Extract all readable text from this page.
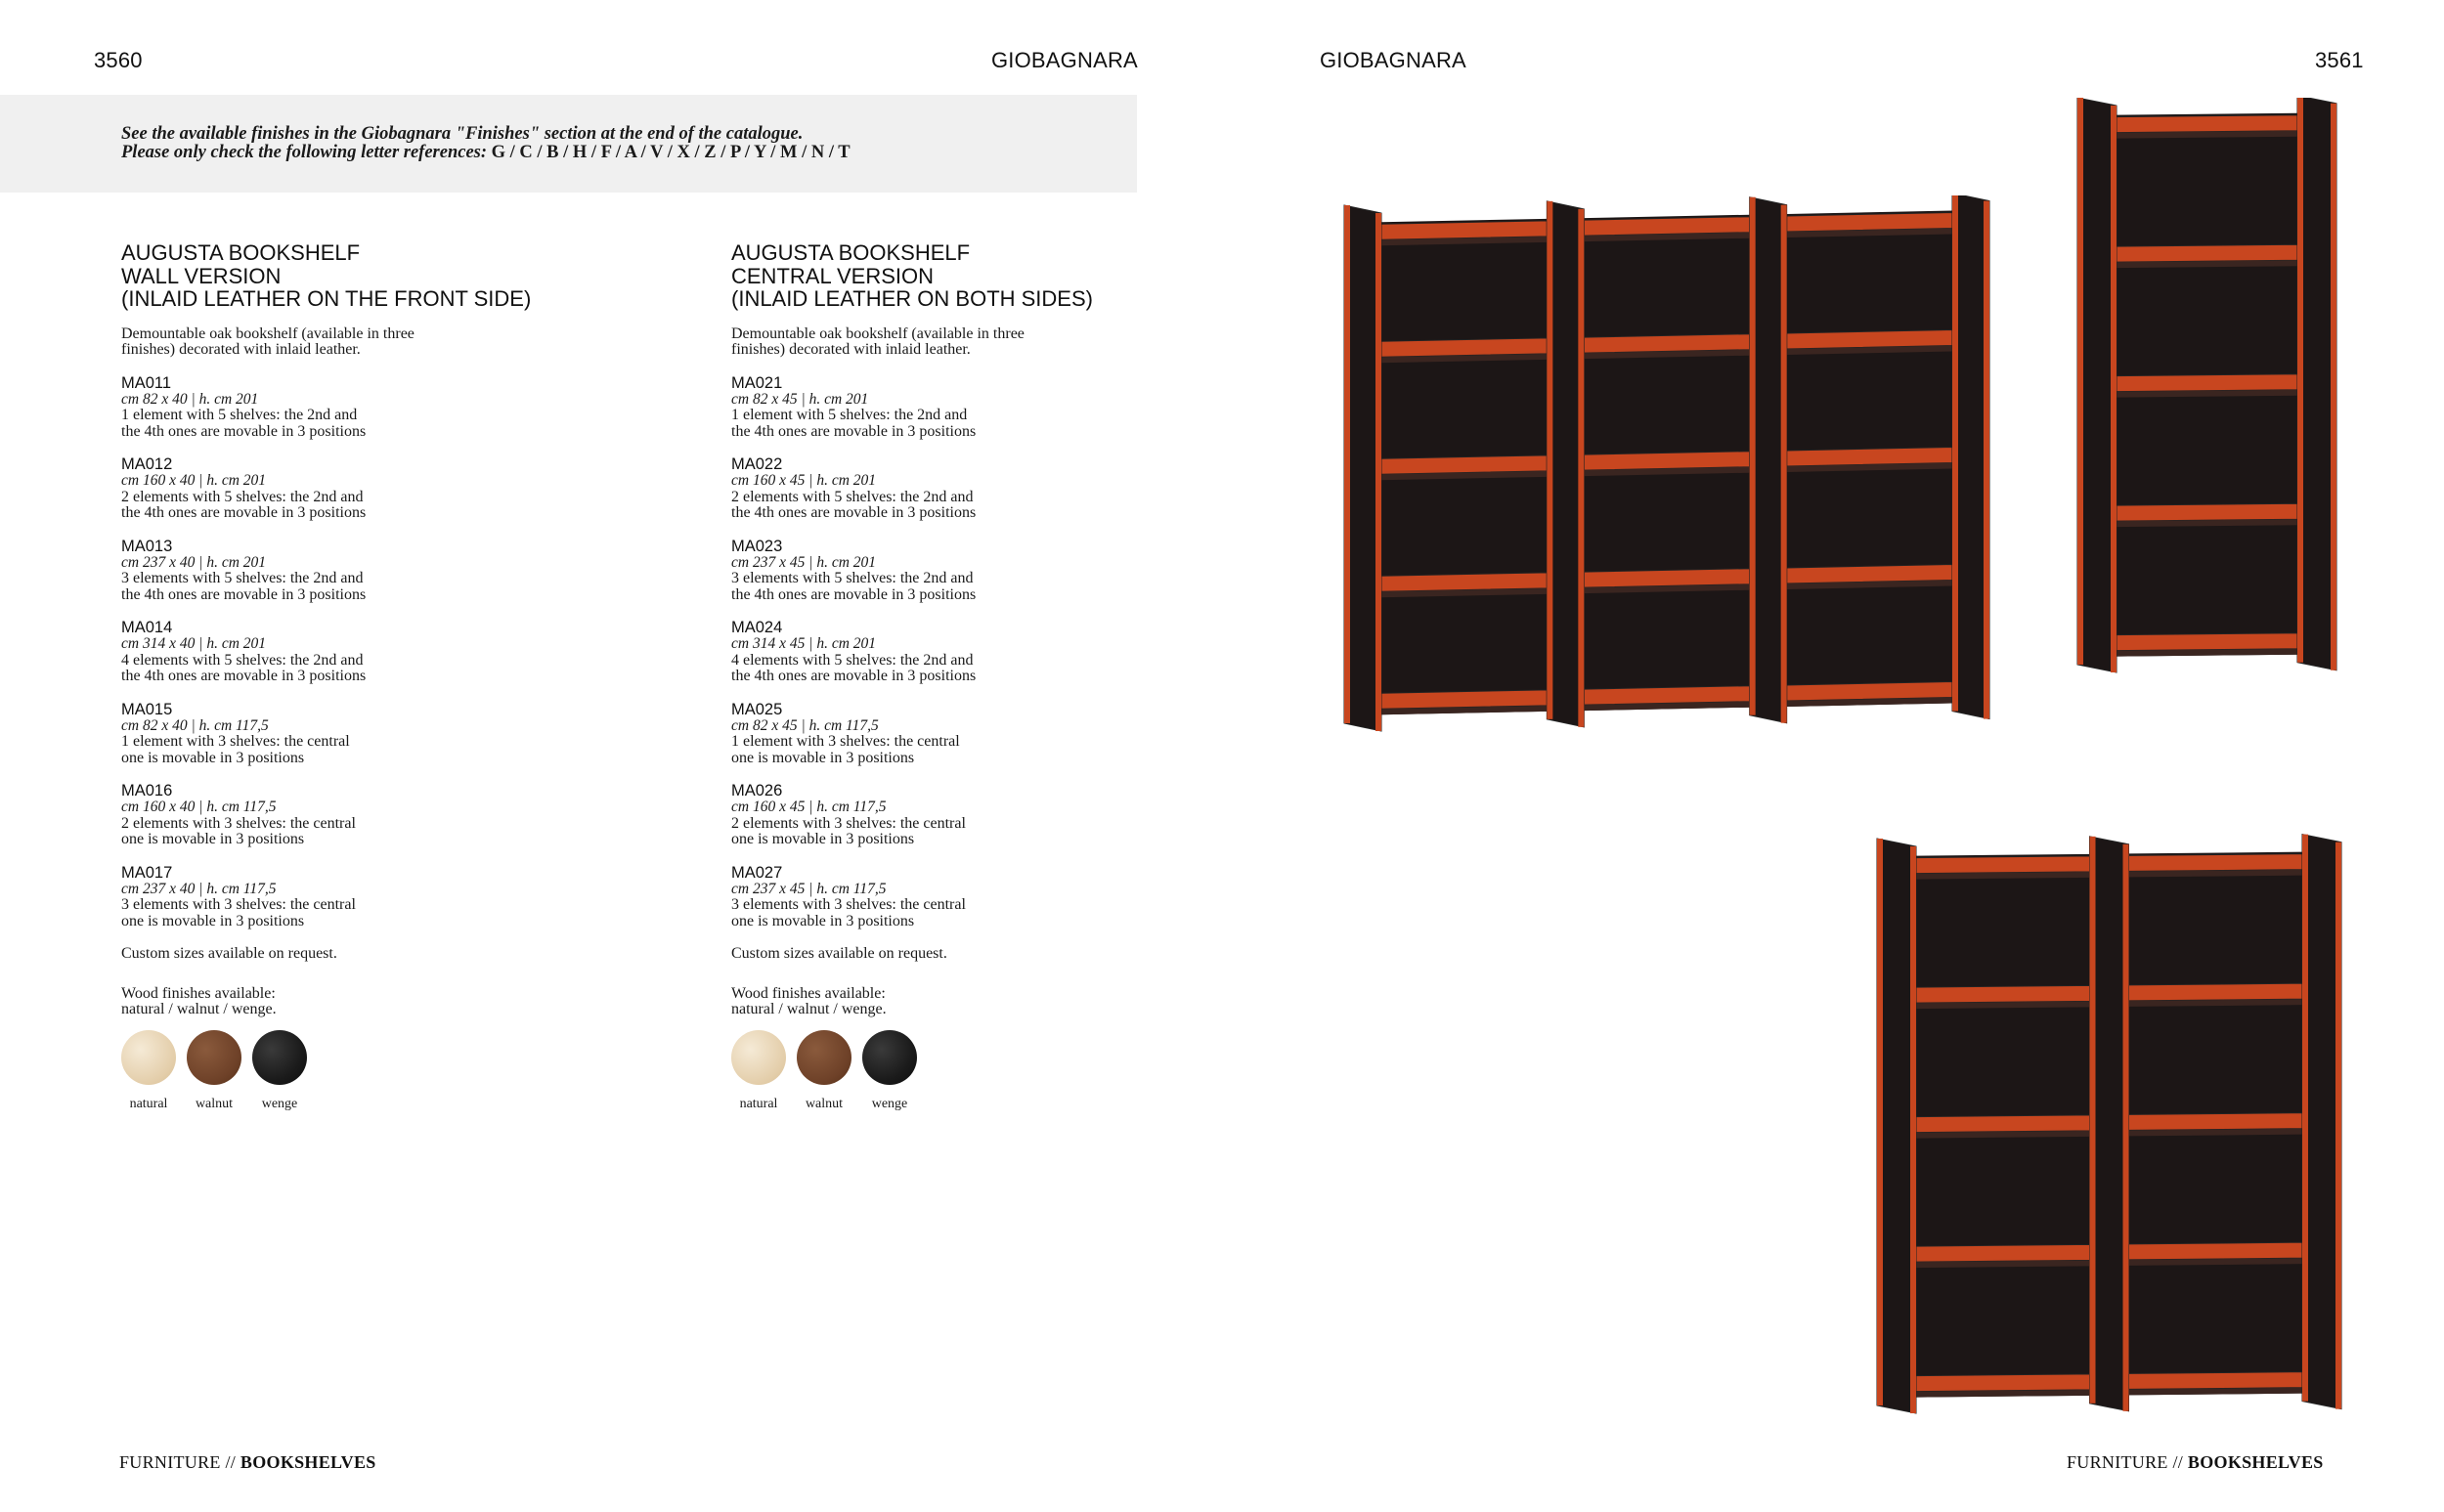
3560	GIOBAGNARA	GIOBAGNARA	3561
See the available finishes in the Giobagnara "Finishes" section at the end of the catalogue.
Please only check the following letter references: G / C / B / H / F / A / V / X / Z / P / Y / M / N / T
AUGUSTA BOOKSHELF
WALL VERSION
(INLAID LEATHER ON THE FRONT SIDE)
Demountable oak bookshelf (available in three
finishes) decorated with inlaid leather.
MA011
cm 82 x 40 | h. cm 201
1 element with 5 shelves: the 2nd and
the 4th ones are movable in 3 positions
MA012
cm 160 x 40 | h. cm 201
2 elements with 5 shelves: the 2nd and
the 4th ones are movable in 3 positions
MA013
cm 237 x 40 | h. cm 201
3 elements with 5 shelves: the 2nd and
the 4th ones are movable in 3 positions
MA014
cm 314 x 40 | h. cm 201
4 elements with 5 shelves: the 2nd and
the 4th ones are movable in 3 positions
MA015
cm 82 x 40 | h. cm 117,5
1 element with 3 shelves: the central
one is movable in 3 positions
MA016
cm 160 x 40 | h. cm 117,5
2 elements with 3 shelves: the central
one is movable in 3 positions
MA017
cm 237 x 40 | h. cm 117,5
3 elements with 3 shelves: the central
one is movable in 3 positions
Custom sizes available on request.
Wood finishes available:
natural / walnut / wenge.
natural	walnut	wenge
AUGUSTA BOOKSHELF
CENTRAL VERSION
(INLAID LEATHER ON BOTH SIDES)
Demountable oak bookshelf (available in three
finishes) decorated with inlaid leather.
MA021
cm 82 x 45 | h. cm 201
1 element with 5 shelves: the 2nd and
the 4th ones are movable in 3 positions
MA022
cm 160 x 45 | h. cm 201
2 elements with 5 shelves: the 2nd and
the 4th ones are movable in 3 positions
MA023
cm 237 x 45 | h. cm 201
3 elements with 5 shelves: the 2nd and
the 4th ones are movable in 3 positions
MA024
cm 314 x 45 | h. cm 201
4 elements with 5 shelves: the 2nd and
the 4th ones are movable in 3 positions
MA025
cm 82 x 45 | h. cm 117,5
1 element with 3 shelves: the central
one is movable in 3 positions
MA026
cm 160 x 45 | h. cm 117,5
2 elements with 3 shelves: the central
one is movable in 3 positions
MA027
cm 237 x 45 | h. cm 117,5
3 elements with 3 shelves: the central
one is movable in 3 positions
Custom sizes available on request.
Wood finishes available:
natural / walnut / wenge.
natural	walnut	wenge
FURNITURE // BOOKSHELVES	FURNITURE // BOOKSHELVES
